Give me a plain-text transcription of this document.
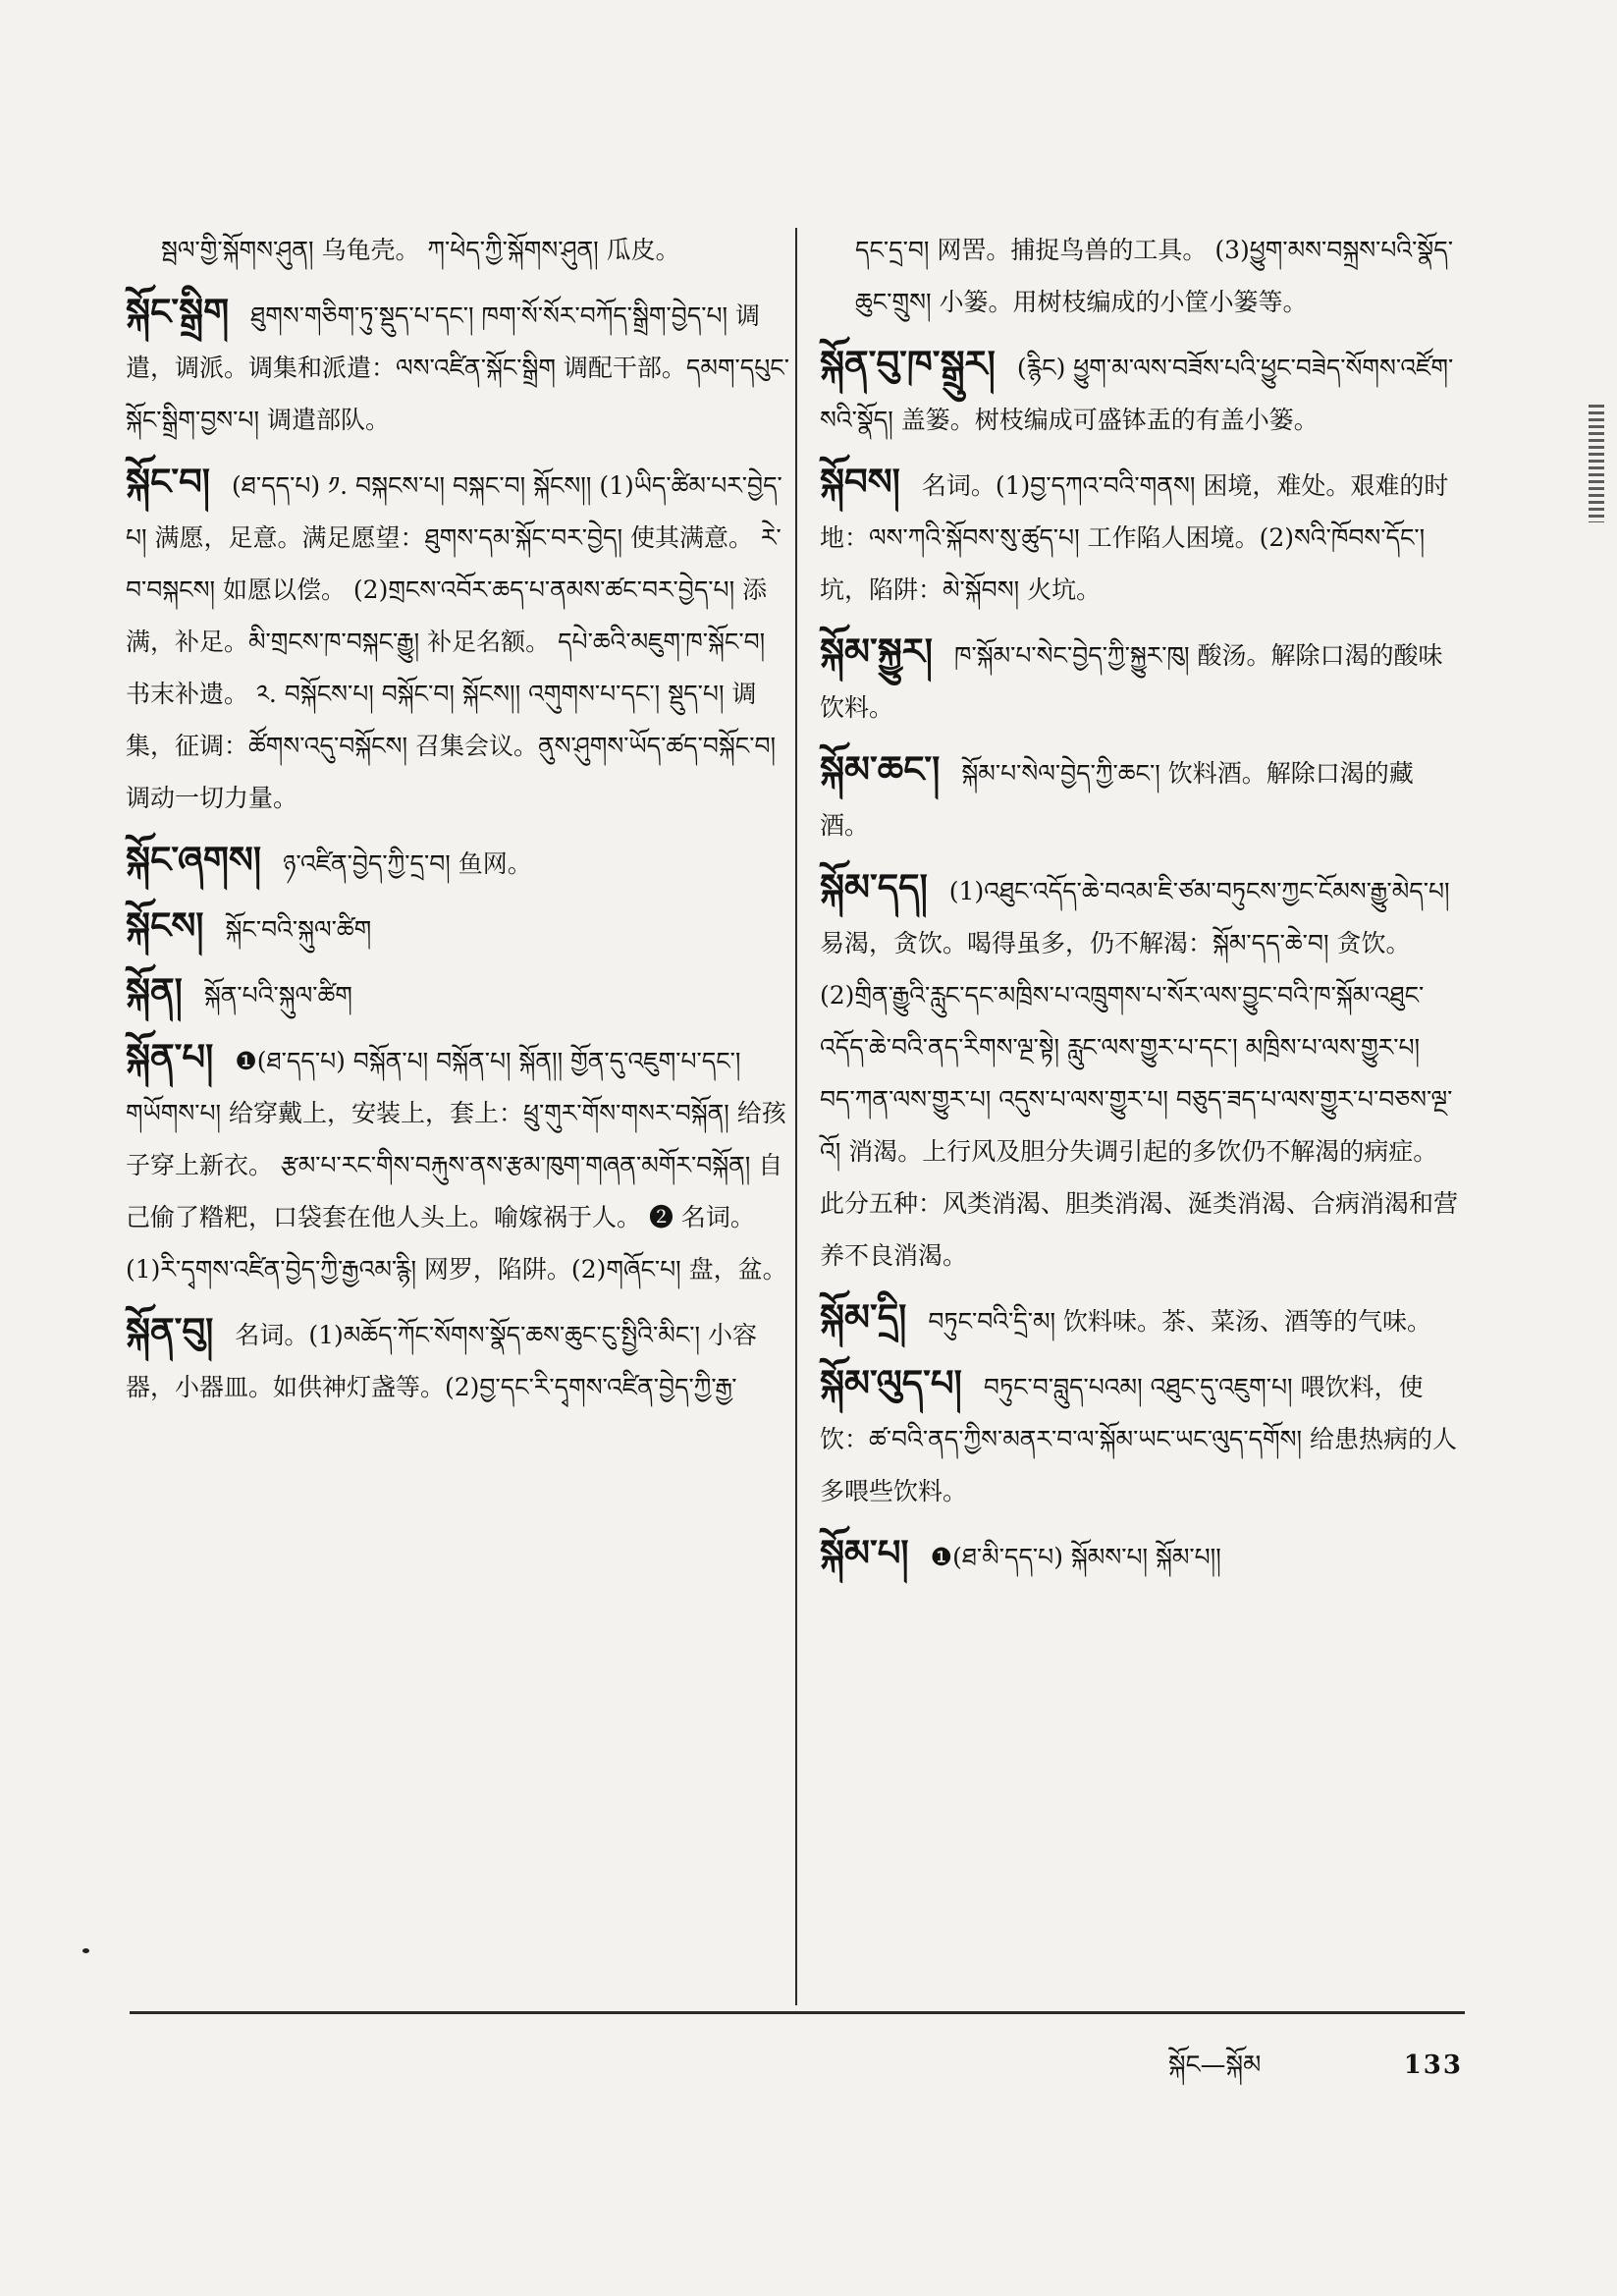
སྦལ་གྱི་སྐོགས་ཤུན། 乌龟壳。 ཀ་ཕེད་ཀྱི་སྐོགས་ཤུན། 瓜皮。

སྐོང་སྒྲིག ཐུགས་གཅིག་ཏུ་སྡུད་པ་དང་། ཁག་སོ་སོར་བཀོད་སྒྲིག་བྱེད་པ། 调遣，调派。调集和派遣：ལས་འཛིན་སྐོང་སྒྲིག 调配干部。དམག་དཔུང་སྐོང་སྒྲིག་བྱས་པ། 调遣部队。

སྐོང་བ། (ཐ་དད་པ) ༡. བསྐངས་པ། བསྐང་བ། སྐོངས།། (1)ཡིད་ཚིམ་པར་བྱེད་པ། 满愿，足意。满足愿望：ཐུགས་དམ་སྐོང་བར་བྱེད། 使其满意。 རེ་བ་བསྐངས། 如愿以偿。 (2)གྲངས་འབོར་ཆད་པ་ནམས་ཚང་བར་བྱེད་པ། 添满，补足。མི་གྲངས་ཁ་བསྐང་རྒྱུ། 补足名额。 དཔེ་ཆའི་མཇུག་ཁ་སྐོང་བ། 书末补遗。 ༢. བསྐོངས་པ། བསྐོང་བ། སྐོངས།། འགུགས་པ་དང་། སྡུད་པ། 调集，征调：ཚོགས་འདུ་བསྐོངས། 召集会议。ནུས་ཤུགས་ཡོད་ཚད་བསྐོང་བ། 调动一切力量。

སྐོང་ཞགས། ཉ་འཛིན་བྱེད་ཀྱི་དྲ་བ། 鱼网。

སྐོངས། སྐོང་བའི་སྐུལ་ཚིག

སྐོན། སྐོན་པའི་སྐུལ་ཚིག

སྐོན་པ། ❶(ཐ་དད་པ) བསྐོན་པ། བསྐོན་པ། སྐོན།། གྱོན་དུ་འཇུག་པ་དང་། གཡོགས་པ། 给穿戴上，安装上，套上：ཕྲུ་གུར་གོས་གསར་བསྐོན། 给孩子穿上新衣。 རྩམ་པ་རང་གིས་བརྐུས་ནས་རྩམ་ཁུག་གཞན་མགོར་བསྐོན། 自己偷了糌粑，口袋套在他人头上。喻嫁祸于人。 ❷ 名词。(1)རི་དྭགས་འཛིན་བྱེད་ཀྱི་རྒྱའམ་རྙི། 网罗，陷阱。(2)གཞོང་པ། 盘，盆。

སྐོན་བུ། 名词。(1)མཆོད་ཀོང་སོགས་སྣོད་ཆས་ཆུང་ངུ་སྤྱིའི་མིང་། 小容器，小器皿。如供神灯盏等。(2)བྱ་དང་རི་དྭགས་འཛིན་བྱེད་ཀྱི་རྒྱ་

དང་དྲ་བ། 网罟。捕捉鸟兽的工具。 (3)ཕྱུག་མས་བསྐྲས་པའི་སྣོད་ཆུང་གྲུས། 小篓。用树枝编成的小筐小篓等。

སྐོན་བུ་ཁ་སྒྲུར། (རྙིང) ཕྱུག་མ་ལས་བཟོས་པའི་ཕྱུང་བཟེད་སོགས་འཛོག་སའི་སྣོད། 盖篓。树枝编成可盛钵盂的有盖小篓。

སྐོབས། 名词。(1)བྱ་དཀའ་བའི་གནས། 困境，难处。艰难的时地：ལས་ཀའི་སྐོབས་སུ་ཚུད་པ། 工作陷人困境。(2)སའི་ཁོབས་དོང་། 坑，陷阱：མེ་སྐོབས། 火坑。

སྐོམ་སྐྱུར། ཁ་སྐོམ་པ་སེང་བྱེད་ཀྱི་སྐྱུར་ཁུ། 酸汤。解除口渴的酸味饮料。

སྐོམ་ཆང་། སྐོམ་པ་སེལ་བྱེད་ཀྱི་ཆང་། 饮料酒。解除口渴的藏酒。

སྐོམ་དད། (1)འཐུང་འདོད་ཆེ་བའམ་ཇི་ཙམ་བཏུངས་ཀྱང་ངོམས་རྒྱུ་མེད་པ། 易渴，贪饮。喝得虽多，仍不解渴：སྐོམ་དད་ཆེ་བ། 贪饮。 (2)གྲིན་རྒྱུའི་རླུང་དང་མཁྲིས་པ་འཁྲུགས་པ་སོར་ལས་བྱུང་བའི་ཁ་སྐོམ་འཐུང་འདོད་ཆེ་བའི་ནད་རིགས་ལྔ་སྟེ། རླུང་ལས་གྱུར་པ་དང་། མཁྲིས་པ་ལས་གྱུར་པ། བད་ཀན་ལས་གྱུར་པ། འདུས་པ་ལས་གྱུར་པ། བཅུད་ཟད་པ་ལས་གྱུར་པ་བཅས་ལྔ་འོ། 消渴。上行风及胆分失调引起的多饮仍不解渴的病症。此分五种：风类消渴、胆类消渴、涎类消渴、合病消渴和营养不良消渴。

སྐོམ་དྲི། བཏུང་བའི་དྲི་མ། 饮料味。茶、菜汤、酒等的气味。

སྐོམ་ལུད་པ། བཏུང་བ་བླུད་པའམ། འཐུང་དུ་འཇུག་པ། 喂饮料，使饮：ཚ་བའི་ནད་ཀྱིས་མནར་བ་ལ་སྐོམ་ཡང་ཡང་ལུད་དགོས། 给患热病的人多喂些饮料。

སྐོམ་པ། ❶(ཐ་མི་དད་པ) སྐོམས་པ། སྐོམ་པ།།

སྐོང—སྐོམ	133
